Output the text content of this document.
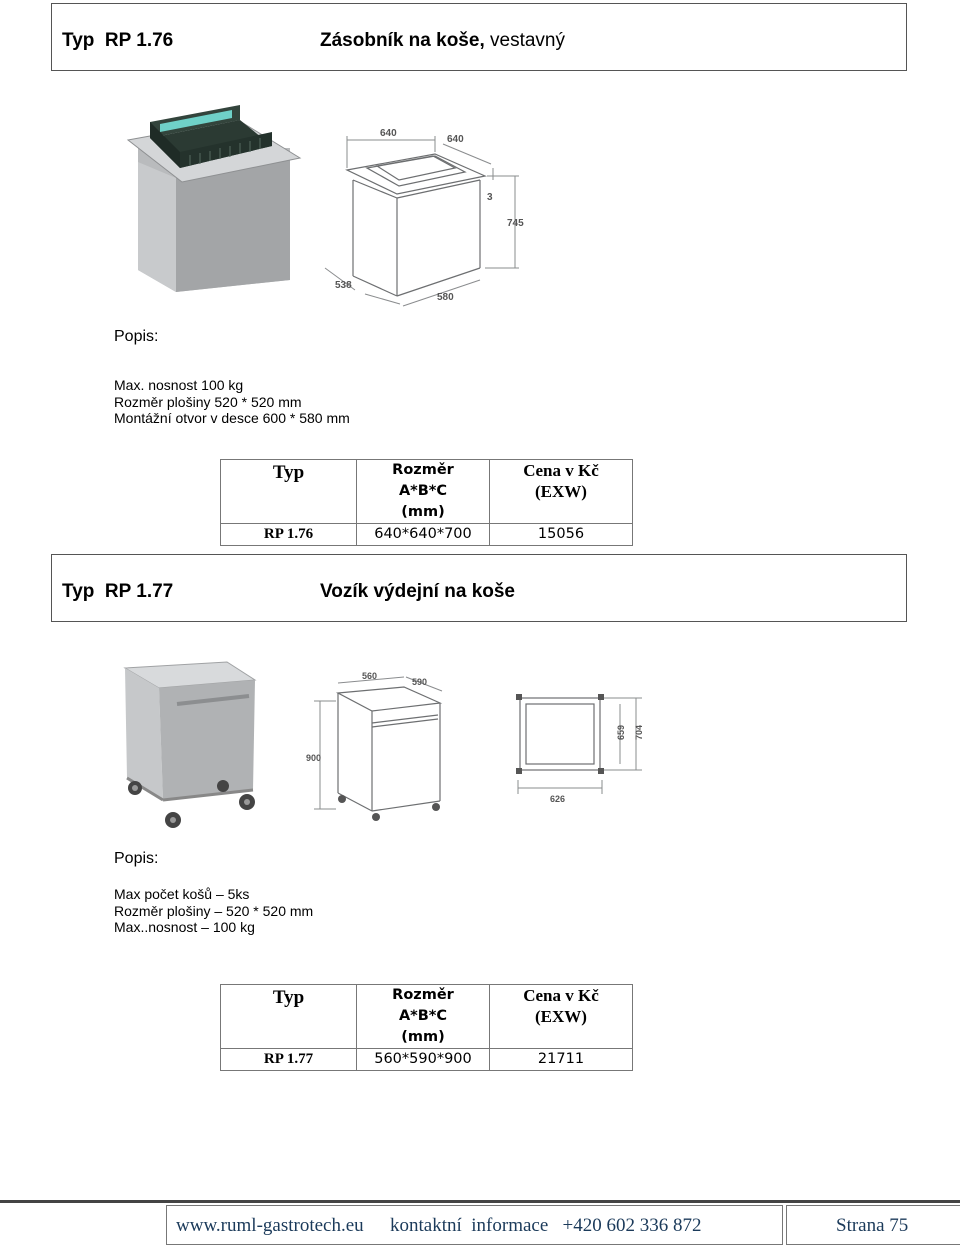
Typ  RP 1.76	Zásobník na koše, vestavný
640
640
3
745
538
580
Popis:
Max. nosnost 100 kg
Rozměr plošiny 520 * 520 mm
Montážní otvor v desce 600 * 580 mm
Typ	Rozměr A*B*C (mm)	Cena v Kč (EXW)

RP 1.76	640*640*700	15056
Typ  RP 1.77	Vozík výdejní na koše
560
590
900
626
659 704
Popis:
Max počet košů – 5ks
Rozměr plošiny – 520 * 520 mm
Max..nosnost – 100 kg
Typ	Rozměr A*B*C (mm)	Cena v Kč (EXW)

RP 1.77	560*590*900	21711
www.ruml-gastrotech.eu kontaktní  informace   +420 602 336 872	Strana 75
